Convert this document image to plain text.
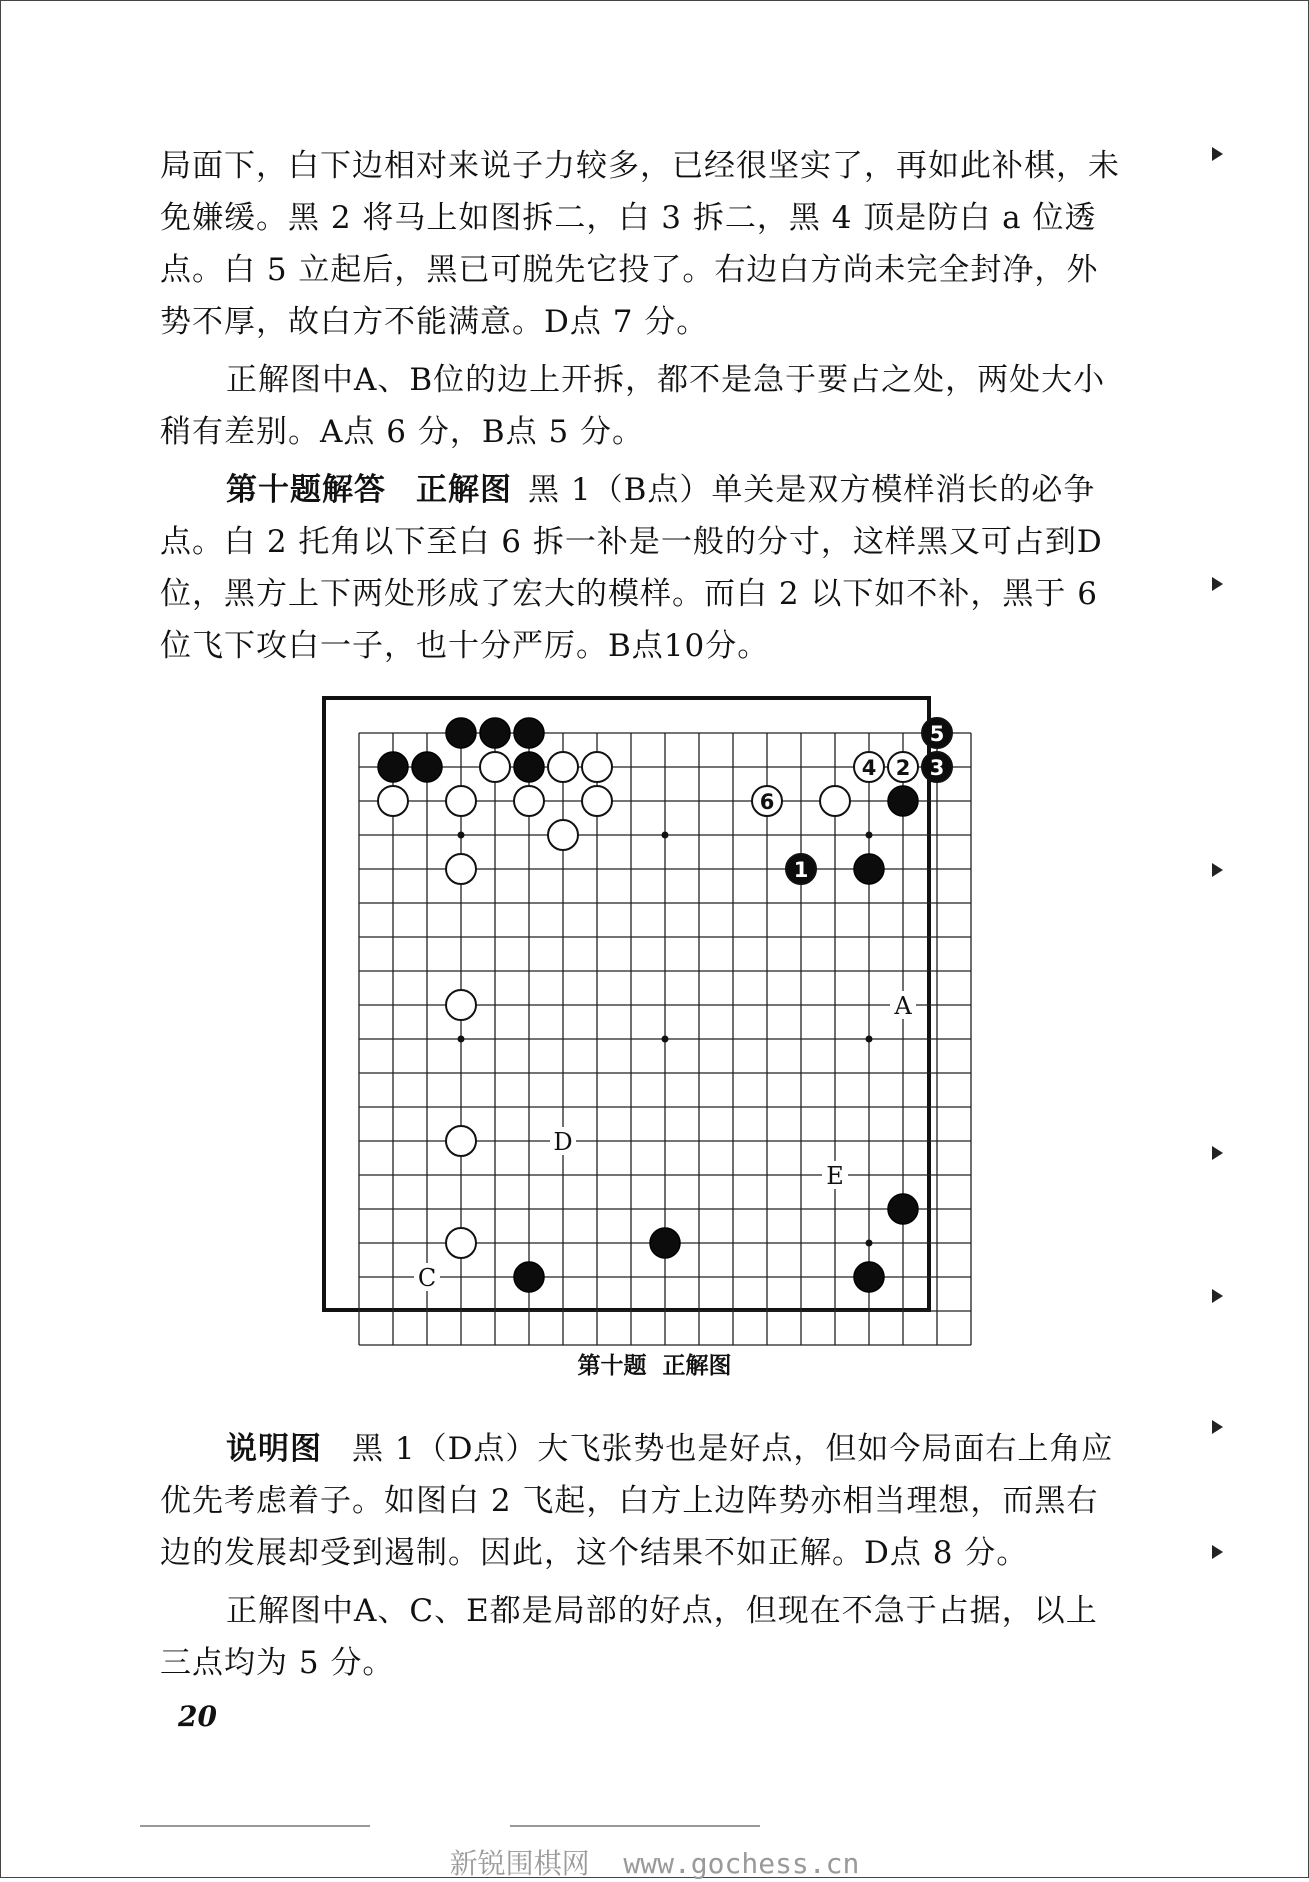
局面下，白下边相对来说子力较多，已经很坚实了，再如此补棋，未免嫌缓。黑 2 将马上如图拆二，白 3 拆二，黑 4 顶是防白 a 位透点。白 5 立起后，黑已可脱先它投了。右边白方尚未完全封净，外势不厚，故白方不能满意。D点 7 分。

正解图中A、B位的边上开拆，都不是急于要占之处，两处大小稍有差别。A点 6 分，B点 5 分。

第十题解答 正解图 黑 1（B点）单关是双方模样消长的必争点。白 2 托角以下至白 6 拆一补是一般的分寸，这样黑又可占到D位，黑方上下两处形成了宏大的模样。而白 2 以下如不补，黑于 6 位飞下攻白一子，也十分严厉。B点10分。

A
D
E
C
5
3
2
4
6
1
第十题 正解图

说明图 黑 1（D点）大飞张势也是好点，但如今局面右上角应优先考虑着子。如图白 2 飞起，白方上边阵势亦相当理想，而黑右边的发展却受到遏制。因此，这个结果不如正解。D点 8 分。

正解图中A、C、E都是局部的好点，但现在不急于占据，以上三点均为 5 分。

20
新锐围棋网 www.gochess.cn
